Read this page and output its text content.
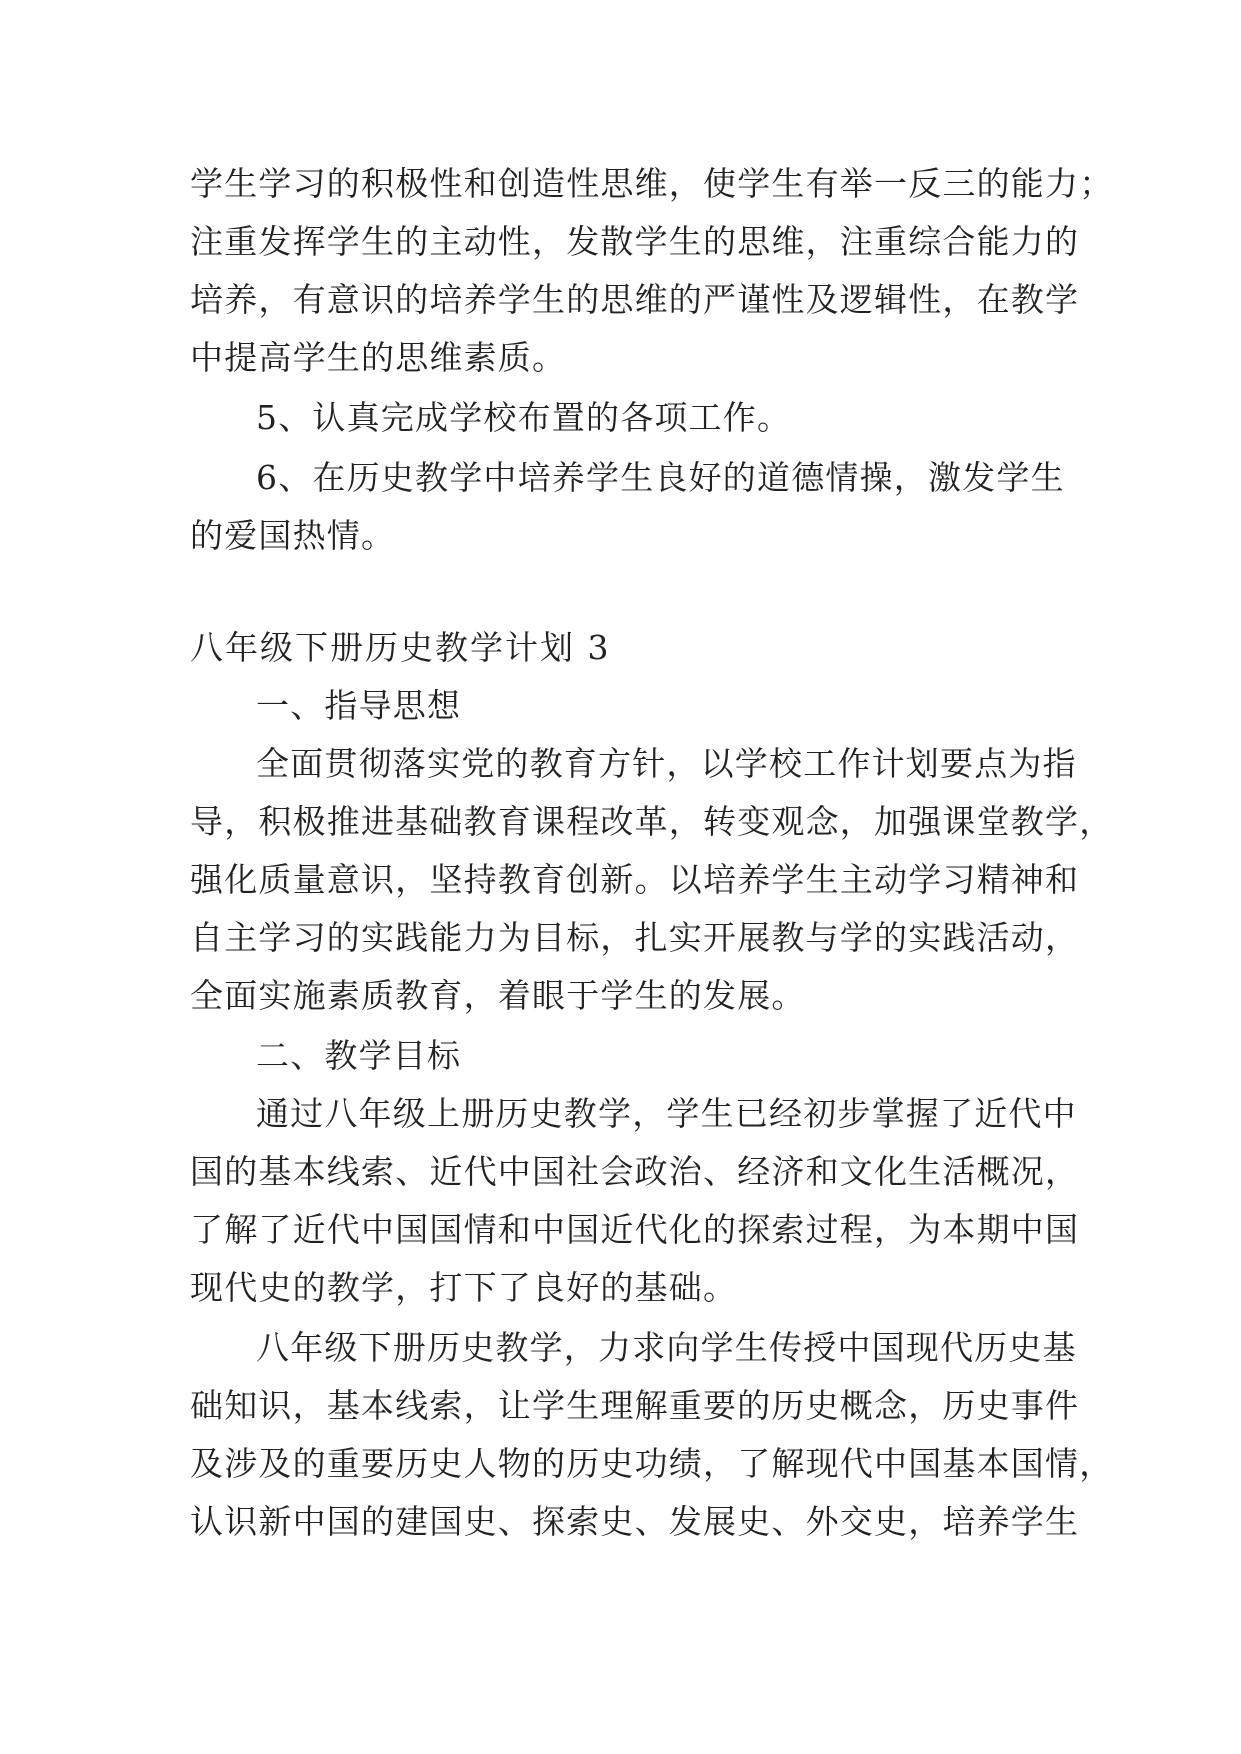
学生学习的积极性和创造性思维，使学生有举一反三的能力；
注重发挥学生的主动性，发散学生的思维，注重综合能力的
培养，有意识的培养学生的思维的严谨性及逻辑性，在教学
中提高学生的思维素质。
5、认真完成学校布置的各项工作。
6、在历史教学中培养学生良好的道德情操，激发学生
的爱国热情。
八年级下册历史教学计划 3
一、指导思想
全面贯彻落实党的教育方针，以学校工作计划要点为指
导，积极推进基础教育课程改革，转变观念，加强课堂教学，
强化质量意识，坚持教育创新。以培养学生主动学习精神和
自主学习的实践能力为目标，扎实开展教与学的实践活动，
全面实施素质教育，着眼于学生的发展。
二、教学目标
通过八年级上册历史教学，学生已经初步掌握了近代中
国的基本线索、近代中国社会政治、经济和文化生活概况，
了解了近代中国国情和中国近代化的探索过程，为本期中国
现代史的教学，打下了良好的基础。
八年级下册历史教学，力求向学生传授中国现代历史基
础知识，基本线索，让学生理解重要的历史概念，历史事件
及涉及的重要历史人物的历史功绩，了解现代中国基本国情，
认识新中国的建国史、探索史、发展史、外交史，培养学生
